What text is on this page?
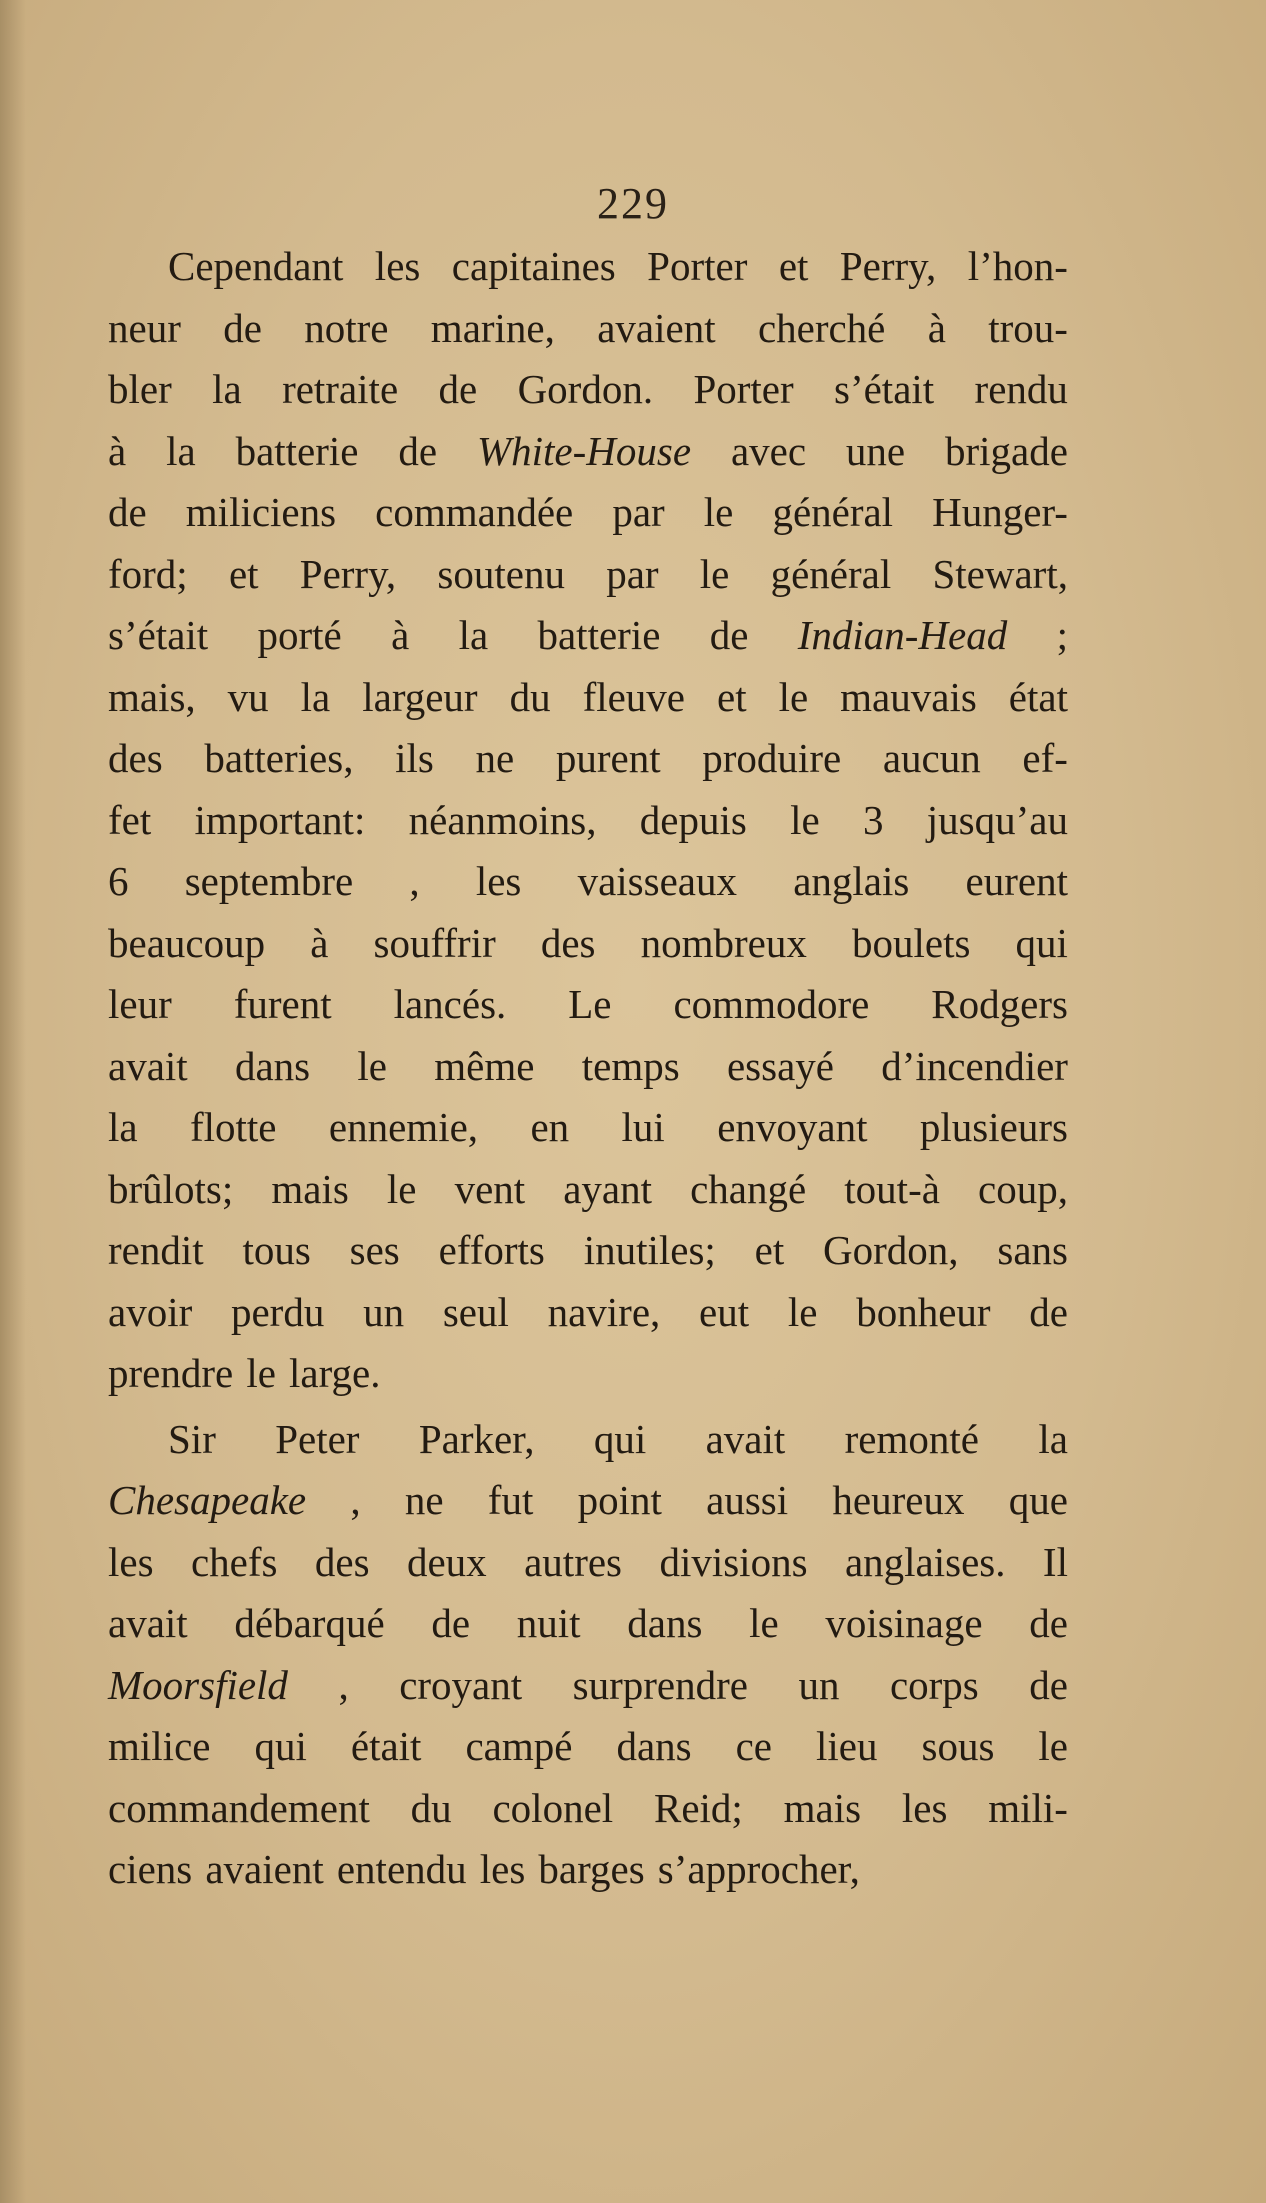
229
Cependant les capitaines Porter et Perry, l’hon-
neur de notre marine, avaient cherché à trou-
bler la retraite de Gordon. Porter s’était rendu
à la batterie de White-House avec une brigade
de miliciens commandée par le général Hunger-
ford; et Perry, soutenu par le général Stewart,
s’était porté à la batterie de Indian-Head ;
mais, vu la largeur du fleuve et le mauvais état
des batteries, ils ne purent produire aucun ef-
fet important: néanmoins, depuis le 3 jusqu’au
6 septembre , les vaisseaux anglais eurent
beaucoup à souffrir des nombreux boulets qui
leur furent lancés. Le commodore Rodgers
avait dans le même temps essayé d’incendier
la flotte ennemie, en lui envoyant plusieurs
brûlots; mais le vent ayant changé tout-à coup,
rendit tous ses efforts inutiles; et Gordon, sans
avoir perdu un seul navire, eut le bonheur de
prendre le large.
Sir Peter Parker, qui avait remonté la
Chesapeake , ne fut point aussi heureux que
les chefs des deux autres divisions anglaises. Il
avait débarqué de nuit dans le voisinage de
Moorsfield , croyant surprendre un corps de
milice qui était campé dans ce lieu sous le
commandement du colonel Reid; mais les mili-
ciens avaient entendu les barges s’approcher,
